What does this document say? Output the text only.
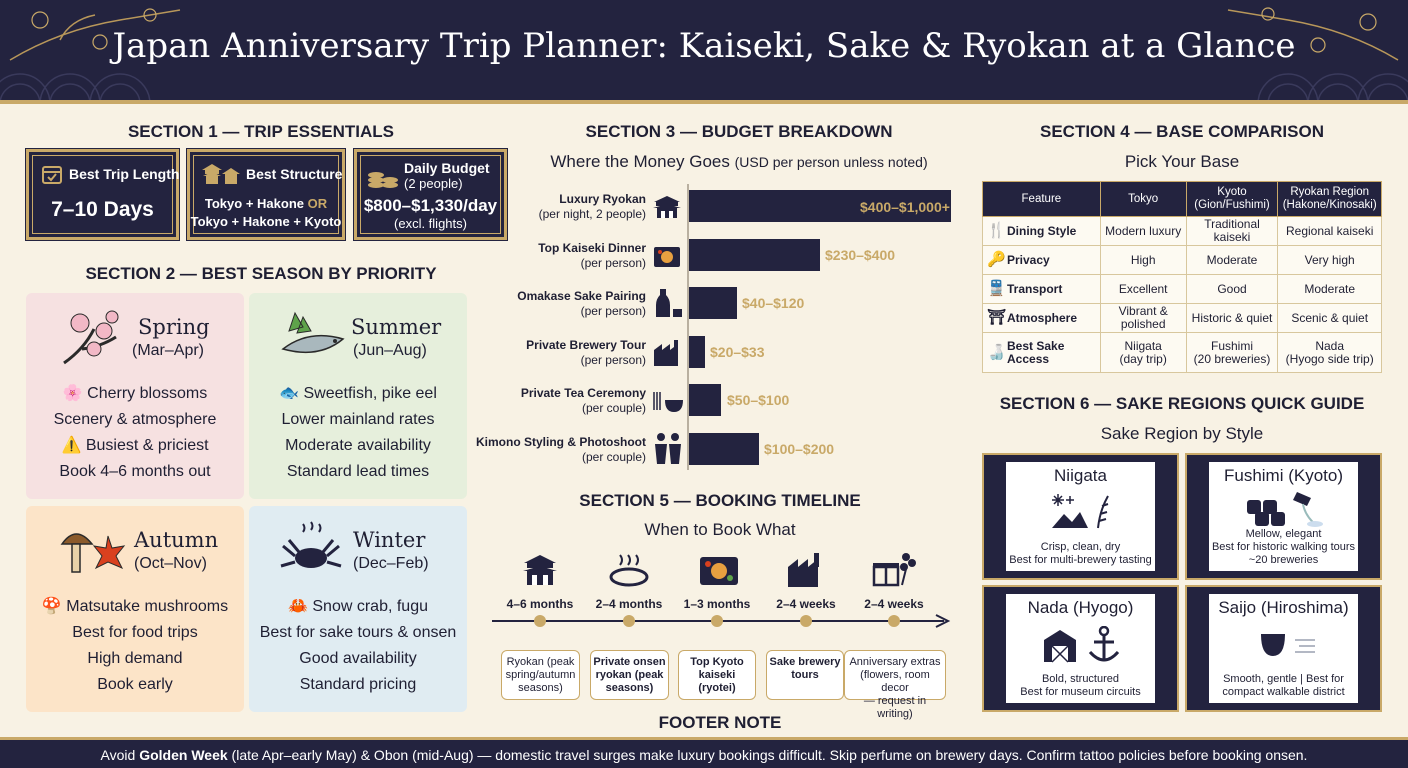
Japan Anniversary Trip Planner: Kaiseki, Sake & Ryokan at a Glance
SECTION 1 — TRIP ESSENTIALS
Best Trip Length
7–10 Days
Best Structure
Tokyo + Hakone OR
Tokyo + Hakone + Kyoto
Daily Budget
(2 people)
$800–$1,330/day
(excl. flights)
SECTION 2 — BEST SEASON BY PRIORITY
Spring
(Mar–Apr)
🌸 Cherry blossoms
Scenery & atmosphere
⚠️ Busiest & priciest
Book 4–6 months out
Summer
(Jun–Aug)
🐟 Sweetfish, pike eel
Lower mainland rates
Moderate availability
Standard lead times
Autumn
(Oct–Nov)
🍄 Matsutake mushrooms
Best for food trips
High demand
Book early
Winter
(Dec–Feb)
🦀 Snow crab, fugu
Best for sake tours & onsen
Good availability
Standard pricing
SECTION 3 — BUDGET BREAKDOWN
Where the Money Goes (USD per person unless noted)
Luxury Ryokan
(per night, 2 people)
Top Kaiseki Dinner
(per person)
Omakase Sake Pairing
(per person)
Private Brewery Tour
(per person)
Private Tea Ceremony
(per couple)
Kimono Styling & Photoshoot
(per couple)
$400–$1,000+
$230–$400
$40–$120
$20–$33
$50–$100
$100–$200
SECTION 5 — BOOKING TIMELINE
When to Book What
4–6 months	2–4 months	1–3 months	2–4 weeks	2–4 weeks
Ryokan (peak
spring/autumn
seasons)
Private onsen
ryokan (peak
seasons)
Top Kyoto
kaiseki
(ryotei)
Sake brewery
tours
Anniversary extras
(flowers, room decor
— request in writing)
FOOTER NOTE
SECTION 4 — BASE COMPARISON
Pick Your Base
Feature	Tokyo	Kyoto
(Gion/Fushimi)	Ryokan Region
(Hakone/Kinosaki)
🍴Dining Style	Modern luxury	Traditional kaiseki	Regional kaiseki
🔑Privacy	High	Moderate	Very high
🚆Transport	Excellent	Good	Moderate
⛩Atmosphere	Vibrant & polished	Historic & quiet	Scenic & quiet
🍶Best Sake
Access	Niigata
(day trip)	Fushimi
(20 breweries)	Nada
(Hyogo side trip)
SECTION 6 — SAKE REGIONS QUICK GUIDE
Sake Region by Style
Niigata
Crisp, clean, dry
Best for multi-brewery tasting
Fushimi (Kyoto)
Mellow, elegant
Best for historic walking tours
~20 breweries
Nada (Hyogo)
Bold, structured
Best for museum circuits
Saijo (Hiroshima)
Smooth, gentle | Best for
compact walkable district
Avoid Golden Week (late Apr–early May) & Obon (mid-Aug) — domestic travel surges make luxury bookings difficult. Skip perfume on brewery days. Confirm tattoo policies before booking onsen.
